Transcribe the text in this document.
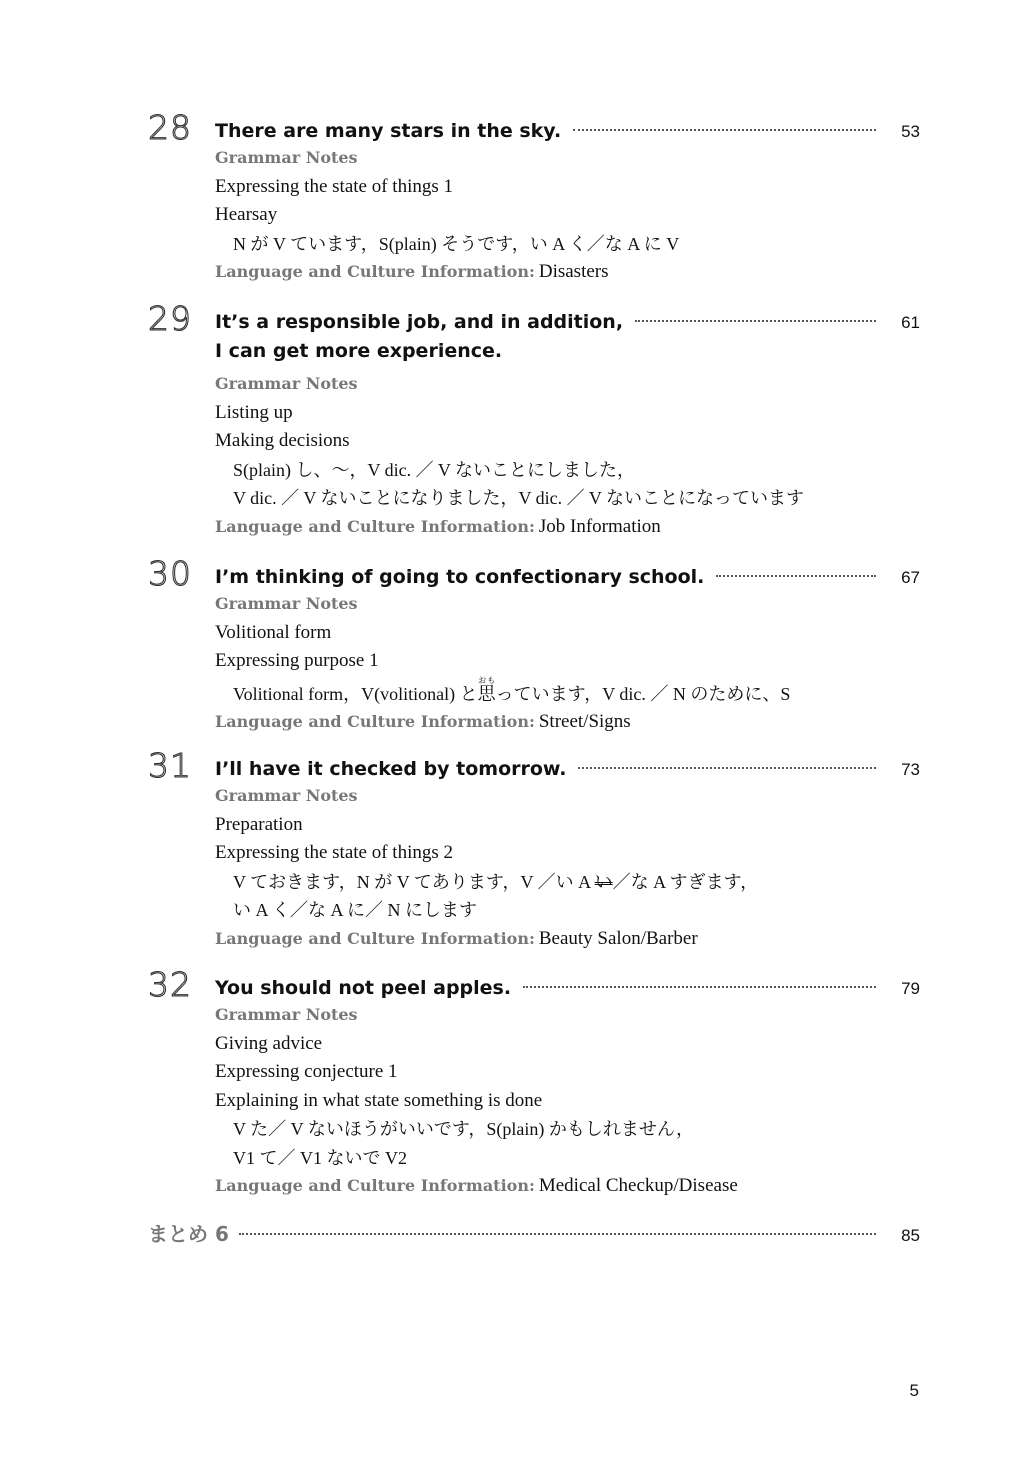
28 There are many stars in the sky.	53
Grammar Notes
Expressing the state of things 1
Hearsay
N が V ています，S(plain) そうです，い A く／な A に V
Language and Culture Information: Disasters
29 It’s a responsible job, and in addition,	61
I can get more experience.
Grammar Notes
Listing up
Making decisions
S(plain) し、～，V dic. ／ V ないことにしました，
V dic. ／ V ないことになりました，V dic. ／ V ないことになっています
Language and Culture Information: Job Information
30 I’m thinking of going to confectionary school.	67
Grammar Notes
Volitional form
Expressing purpose 1
Volitional form，V(volitional) と思おもっています，V dic. ／ N のために、S
Language and Culture Information: Street/Signs
31 I’ll have it checked by tomorrow.	73
Grammar Notes
Preparation
Expressing the state of things 2
V ておきます，N が V てあります，V ／い A い／な A すぎます，
い A く／な A に／ N にします
Language and Culture Information: Beauty Salon/Barber
32 You should not peel apples.	79
Grammar Notes
Giving advice
Expressing conjecture 1
Explaining in what state something is done
V た／ V ないほうがいいです，S(plain) かもしれません，
V1 て／ V1 ないで V2
Language and Culture Information: Medical Checkup/Disease
まとめ 6	85
5
